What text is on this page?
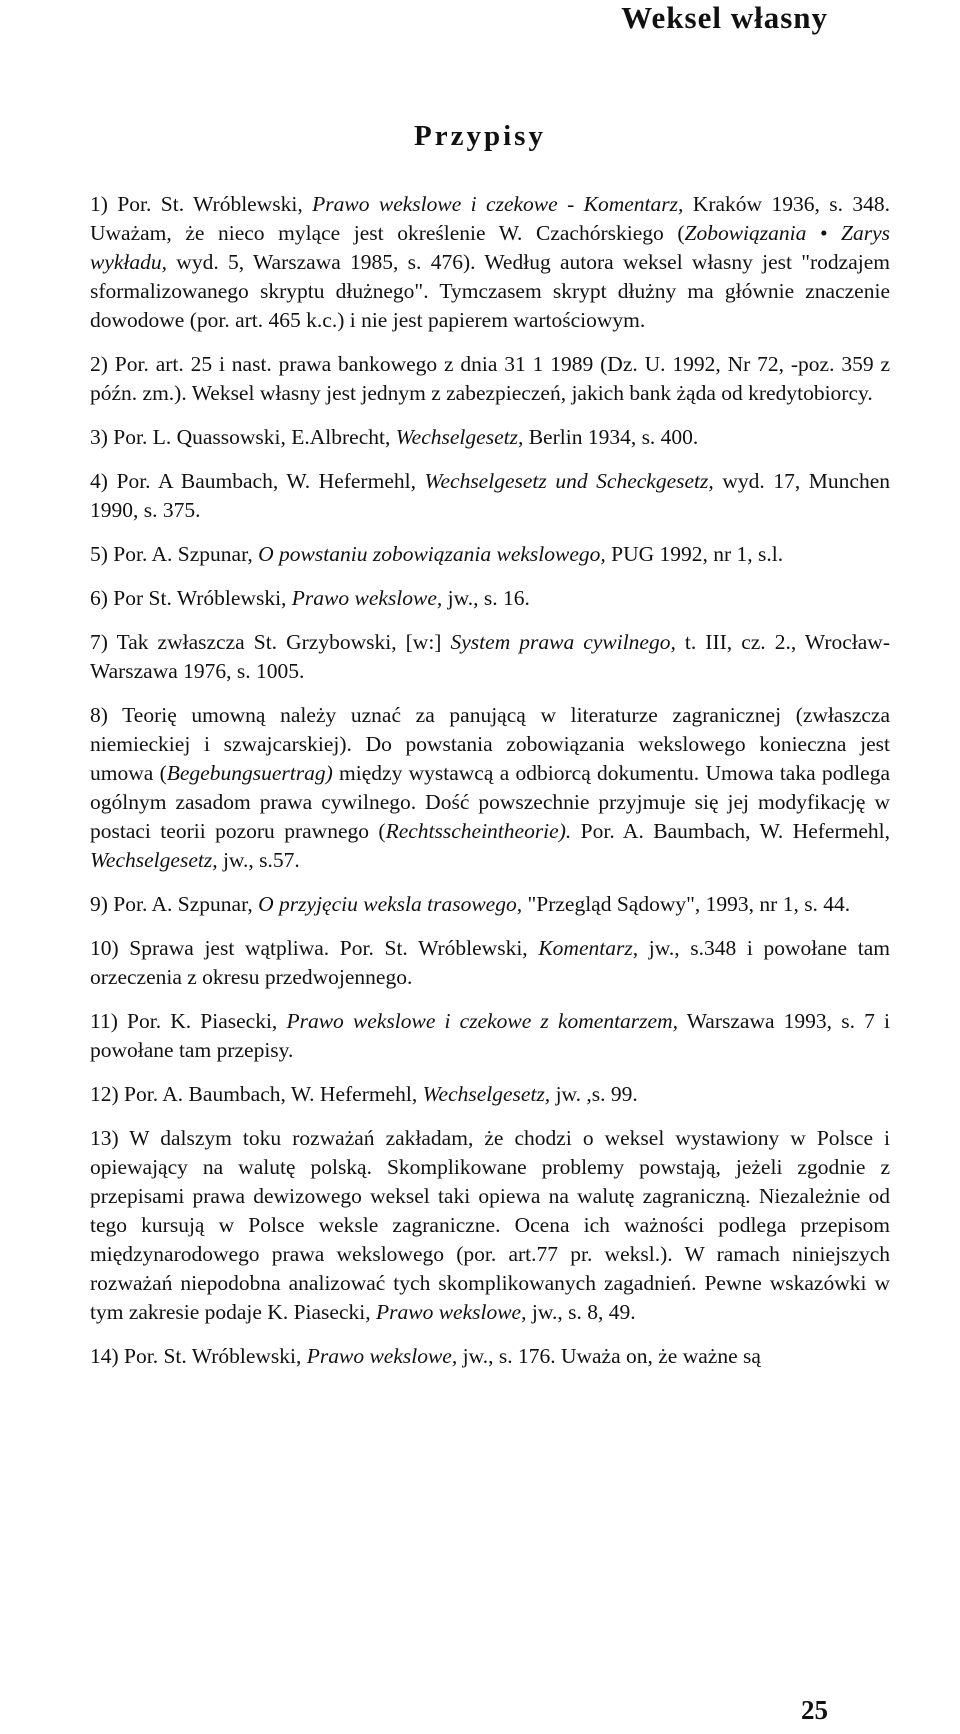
Weksel własny
Przypisy

1) Por. St. Wróblewski, Prawo wekslowe i czekowe - Komentarz, Kraków 1936, s. 348. Uważam, że nieco mylące jest określenie W. Czachórskiego (Zobowiązania • Zarys wykładu, wyd. 5, Warszawa 1985, s. 476). Według autora weksel własny jest "rodzajem sformalizowanego skryptu dłużnego". Tymczasem skrypt dłużny ma głównie znaczenie dowodowe (por. art. 465 k.c.) i nie jest papierem wartościowym.

2) Por. art. 25 i nast. prawa bankowego z dnia 31 1 1989 (Dz. U. 1992, Nr 72, -poz. 359 z późn. zm.). Weksel własny jest jednym z zabezpieczeń, jakich bank żąda od kredytobiorcy.

3) Por. L. Quassowski, E.Albrecht, Wechselgesetz, Berlin 1934, s. 400.

4) Por. A Baumbach, W. Hefermehl, Wechselgesetz und Scheckgesetz, wyd. 17, Munchen 1990, s. 375.

5) Por. A. Szpunar, O powstaniu zobowiązania wekslowego, PUG 1992, nr 1, s.l.

6) Por St. Wróblewski, Prawo wekslowe, jw., s. 16.

7) Tak zwłaszcza St. Grzybowski, [w:] System prawa cywilnego, t. III, cz. 2., Wrocław-Warszawa 1976, s. 1005.

8) Teorię umowną należy uznać za panującą w literaturze zagranicznej (zwłaszcza niemieckiej i szwajcarskiej). Do powstania zobowiązania wekslowego konieczna jest umowa (Begebungsuertrag) między wystawcą a odbiorcą dokumentu. Umowa taka podlega ogólnym zasadom prawa cywilnego. Dość powszechnie przyjmuje się jej modyfikację w postaci teorii pozoru prawnego (Rechtsscheintheorie). Por. A. Baumbach, W. Hefermehl, Wechselgesetz, jw., s.57.

9) Por. A. Szpunar, O przyjęciu weksla trasowego, "Przegląd Sądowy", 1993, nr 1, s. 44.

10) Sprawa jest wątpliwa. Por. St. Wróblewski, Komentarz, jw., s.348 i powołane tam orzeczenia z okresu przedwojennego.

11) Por. K. Piasecki, Prawo wekslowe i czekowe z komentarzem, Warszawa 1993, s. 7 i powołane tam przepisy.

12) Por. A. Baumbach, W. Hefermehl, Wechselgesetz, jw. ,s. 99.

13) W dalszym toku rozważań zakładam, że chodzi o weksel wystawiony w Polsce i opiewający na walutę polską. Skomplikowane problemy powstają, jeżeli zgodnie z przepisami prawa dewizowego weksel taki opiewa na walutę zagraniczną. Niezależnie od tego kursują w Polsce weksle zagraniczne. Ocena ich ważności podlega przepisom międzynarodowego prawa wekslowego (por. art.77 pr. weksl.). W ramach niniejszych rozważań niepodobna analizować tych skomplikowanych zagadnień. Pewne wskazówki w tym zakresie podaje K. Piasecki, Prawo wekslowe, jw., s. 8, 49.

14) Por. St. Wróblewski, Prawo wekslowe, jw., s. 176. Uważa on, że ważne są

25
